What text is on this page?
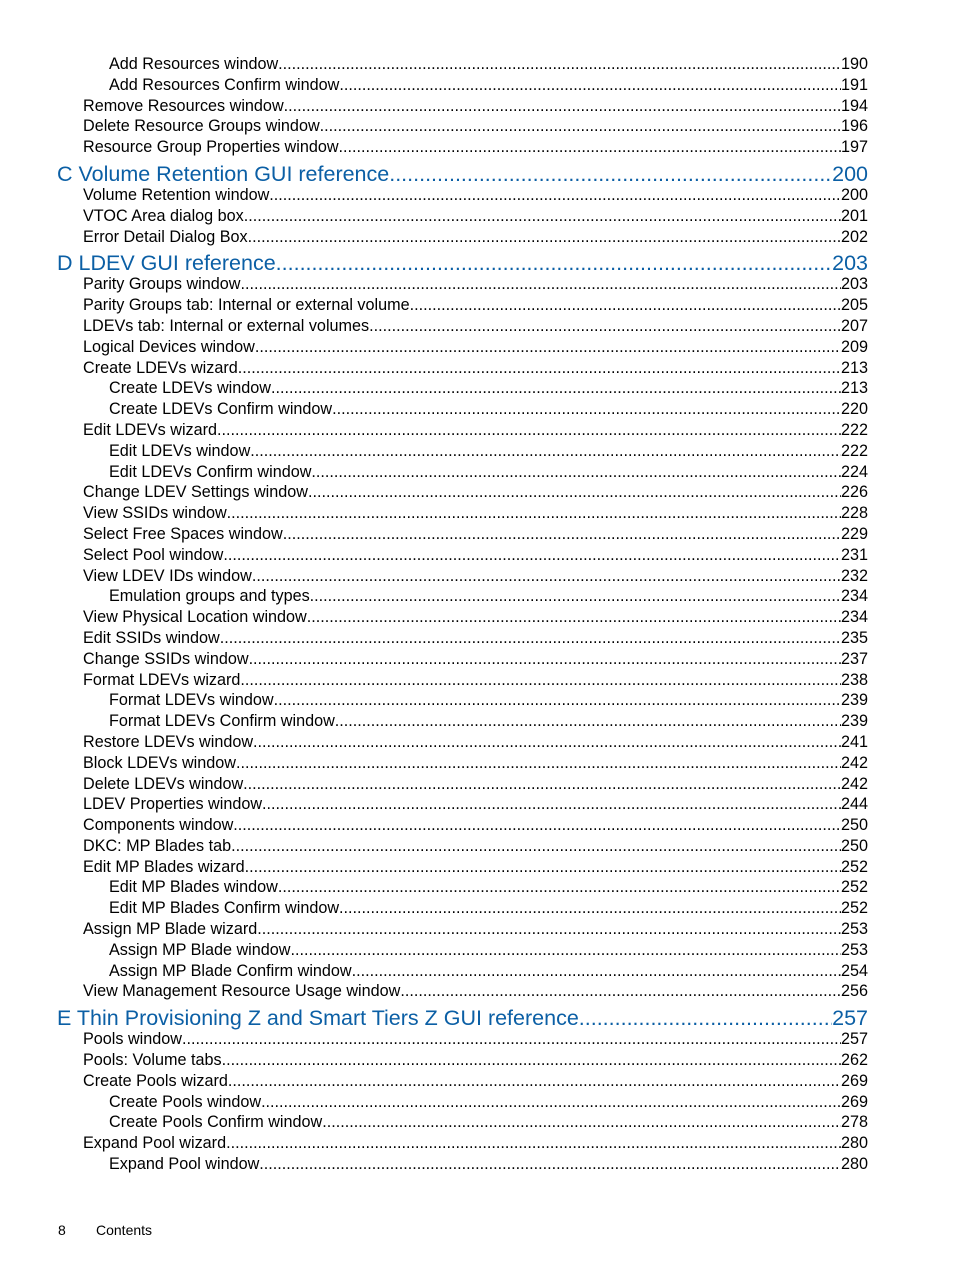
Add Resources window .....	190
Add Resources Confirm window .....	191
Remove Resources window .....	194
Delete Resource Groups window .....	196
Resource Group Properties window .....	197
C Volume Retention GUI reference .....	200
Volume Retention window .....	200
VTOC Area dialog box .....	201
Error Detail Dialog Box .....	202
D LDEV GUI reference .....	203
Parity Groups window .....	203
Parity Groups tab: Internal or external volume .....	205
LDEVs tab: Internal or external volumes .....	207
Logical Devices window .....	209
Create LDEVs wizard .....	213
Create LDEVs window .....	213
Create LDEVs Confirm window .....	220
Edit LDEVs wizard .....	222
Edit LDEVs window .....	222
Edit LDEVs Confirm window .....	224
Change LDEV Settings window .....	226
View SSIDs window .....	228
Select Free Spaces window .....	229
Select Pool window .....	231
View LDEV IDs window .....	232
Emulation groups and types .....	234
View Physical Location window .....	234
Edit SSIDs window .....	235
Change SSIDs window .....	237
Format LDEVs wizard .....	238
Format LDEVs window .....	239
Format LDEVs Confirm window .....	239
Restore LDEVs window .....	241
Block LDEVs window .....	242
Delete LDEVs window .....	242
LDEV Properties window .....	244
Components window .....	250
DKC: MP Blades tab .....	250
Edit MP Blades wizard .....	252
Edit MP Blades window .....	252
Edit MP Blades Confirm window .....	252
Assign MP Blade wizard .....	253
Assign MP Blade window .....	253
Assign MP Blade Confirm window .....	254
View Management Resource Usage window .....	256
E Thin Provisioning Z and Smart Tiers Z GUI reference .....	257
Pools window .....	257
Pools: Volume tabs .....	262
Create Pools wizard .....	269
Create Pools window .....	269
Create Pools Confirm window .....	278
Expand Pool wizard .....	280
Expand Pool window .....	280
8 Contents
